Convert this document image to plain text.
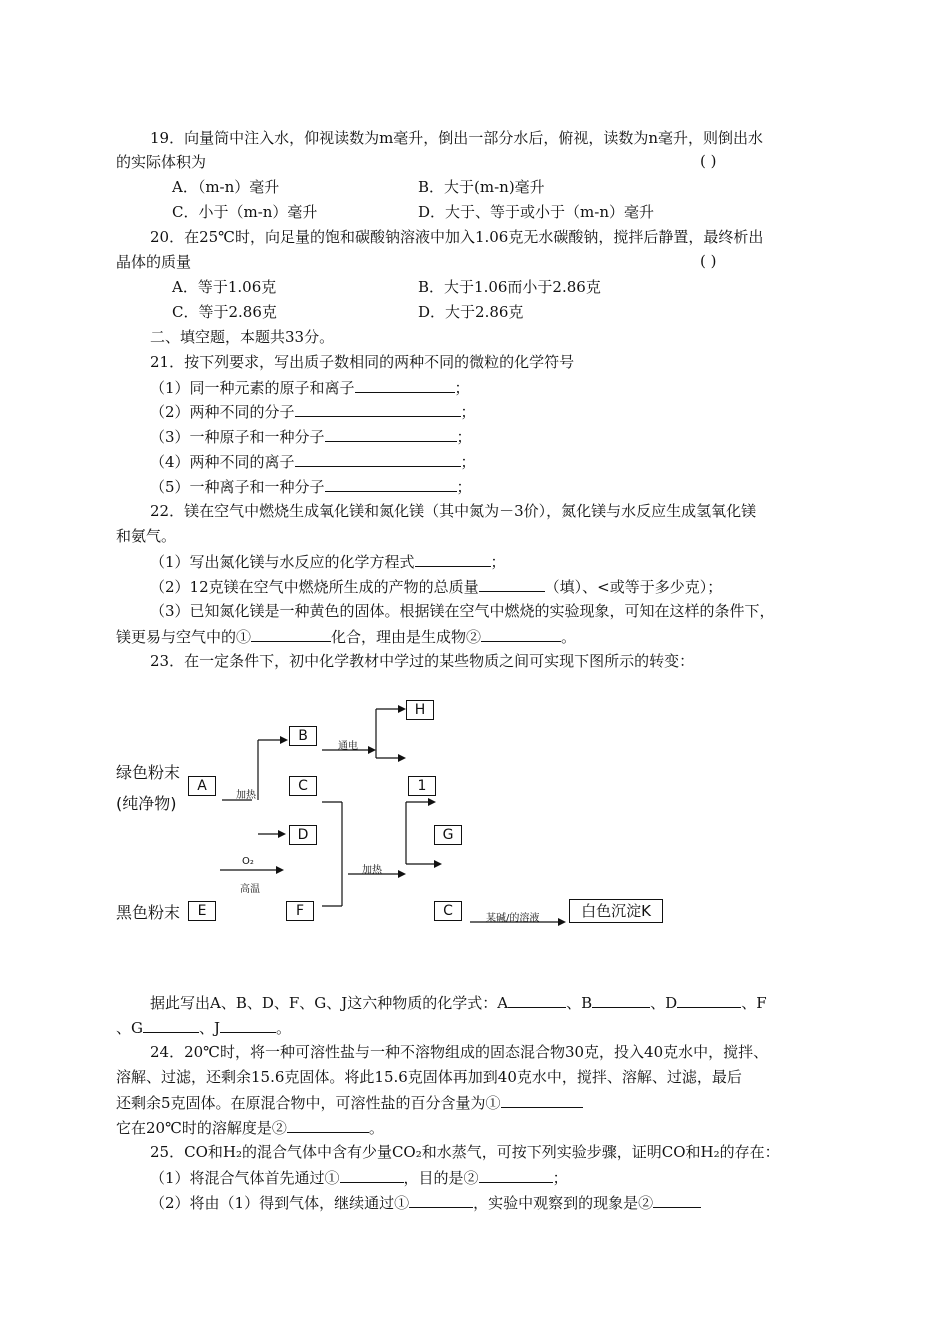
19．向量筒中注入水，仰视读数为m毫升，倒出一部分水后，俯视，读数为n毫升，则倒出水
的实际体积为	( )
A．（m-n）毫升	B．大于(m-n)毫升
C．小于（m-n）毫升	D．大于、等于或小于（m-n）毫升
20．在25℃时，向足量的饱和碳酸钠溶液中加入1.06克无水碳酸钠，搅拌后静置，最终析出
晶体的质量	( )
A．等于1.06克	B．大于1.06而小于2.86克
C．等于2.86克	D．大于2.86克
二、填空题，本题共33分。
21．按下列要求，写出质子数相同的两种不同的微粒的化学符号
（1）同一种元素的原子和离子	；
（2）两种不同的分子	；
（3）一种原子和一种分子	；
（4）两种不同的离子	；
（5）一种离子和一种分子	；
22．镁在空气中燃烧生成氧化镁和氮化镁（其中氮为－3价），氮化镁与水反应生成氢氧化镁
和氨气。
（1）写出氮化镁与水反应的化学方程式	；
（2）12克镁在空气中燃烧所生成的产物的总质量	（填）、<或等于多少克）；
（3）已知氮化镁是一种黄色的固体。根据镁在空气中燃烧的实验现象，可知在这样的条件下，
镁更易与空气中的①	化合，理由是生成物②	。
23．在一定条件下，初中化学教材中学过的某些物质之间可实现下图所示的转变：
绿色粉末
(纯净物)
黑色粉末
A
B
C
D
E	F
H
1
G
C	白色沉淀K
加热
通电
O₂
高温
加热
某碱/的溶液
据此写出A、B、D、F、G、J这六种物质的化学式：A	、B	、D	、F
、G	、J	。
24．20℃时，将一种可溶性盐与一种不溶物组成的固态混合物30克，投入40克水中，搅拌、
溶解、过滤，还剩余15.6克固体。将此15.6克固体再加到40克水中，搅拌、溶解、过滤，最后
还剩余5克固体。在原混合物中，可溶性盐的百分含量为①
它在20℃时的溶解度是②	。
25．CO和H₂的混合气体中含有少量CO₂和水蒸气，可按下列实验步骤，证明CO和H₂的存在：
（1）将混合气体首先通过①	，目的是②	；
（2）将由（1）得到气体，继续通过①	，实验中观察到的现象是②
